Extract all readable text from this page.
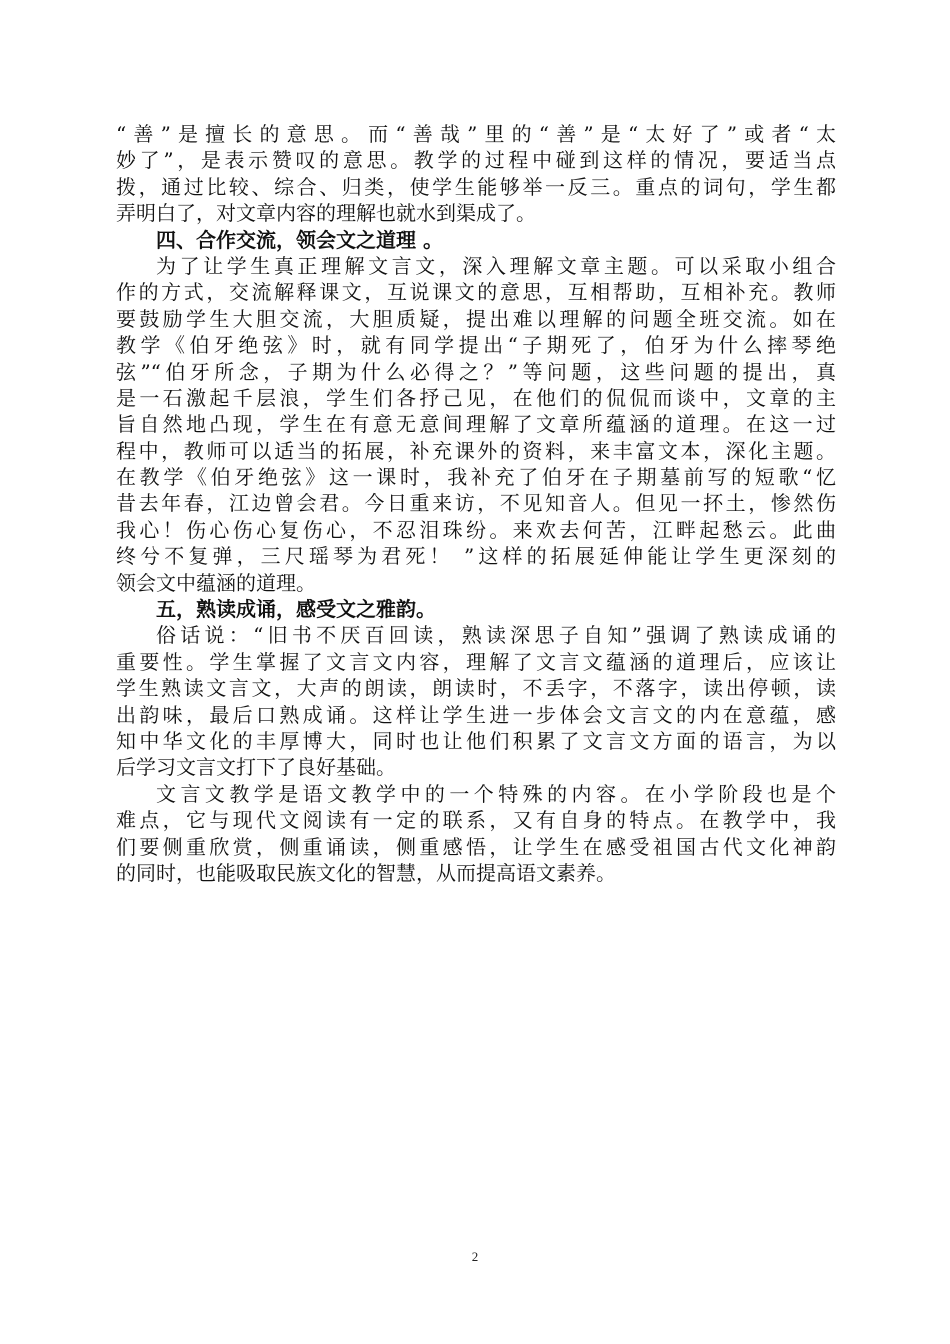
“善”是擅长的意思。而“善哉”里的“善”是“太好了”或者“太
妙了”，是表示赞叹的意思。教学的过程中碰到这样的情况，要适当点
拨，通过比较、综合、归类，使学生能够举一反三。重点的词句，学生都
弄明白了，对文章内容的理解也就水到渠成了。
四、合作交流，领会文之道理 。
为了让学生真正理解文言文，深入理解文章主题。可以采取小组合
作的方式，交流解释课文，互说课文的意思，互相帮助，互相补充。教师
要鼓励学生大胆交流，大胆质疑，提出难以理解的问题全班交流。如在
教学《伯牙绝弦》时，就有同学提出“子期死了，伯牙为什么摔琴绝
弦”“伯牙所念，子期为什么必得之？”等问题，这些问题的提出，真
是一石激起千层浪，学生们各抒己见，在他们的侃侃而谈中，文章的主
旨自然地凸现，学生在有意无意间理解了文章所蕴涵的道理。在这一过
程中，教师可以适当的拓展，补充课外的资料，来丰富文本，深化主题。
在教学《伯牙绝弦》这一课时，我补充了伯牙在子期墓前写的短歌“忆
昔去年春，江边曾会君。今日重来访，不见知音人。但见一抔土，惨然伤
我心！伤心伤心复伤心，不忍泪珠纷。来欢去何苦，江畔起愁云。此曲
终兮不复弹，三尺瑶琴为君死！ ”这样的拓展延伸能让学生更深刻的
领会文中蕴涵的道理。
五，熟读成诵，感受文之雅韵。
俗话说：“旧书不厌百回读，熟读深思子自知”强调了熟读成诵的
重要性。学生掌握了文言文内容，理解了文言文蕴涵的道理后，应该让
学生熟读文言文，大声的朗读，朗读时，不丢字，不落字，读出停顿，读
出韵味，最后口熟成诵。这样让学生进一步体会文言文的内在意蕴，感
知中华文化的丰厚博大，同时也让他们积累了文言文方面的语言，为以
后学习文言文打下了良好基础。
文言文教学是语文教学中的一个特殊的内容。在小学阶段也是个
难点，它与现代文阅读有一定的联系，又有自身的特点。在教学中，我
们要侧重欣赏，侧重诵读，侧重感悟，让学生在感受祖国古代文化神韵
的同时，也能吸取民族文化的智慧，从而提高语文素养。
2
